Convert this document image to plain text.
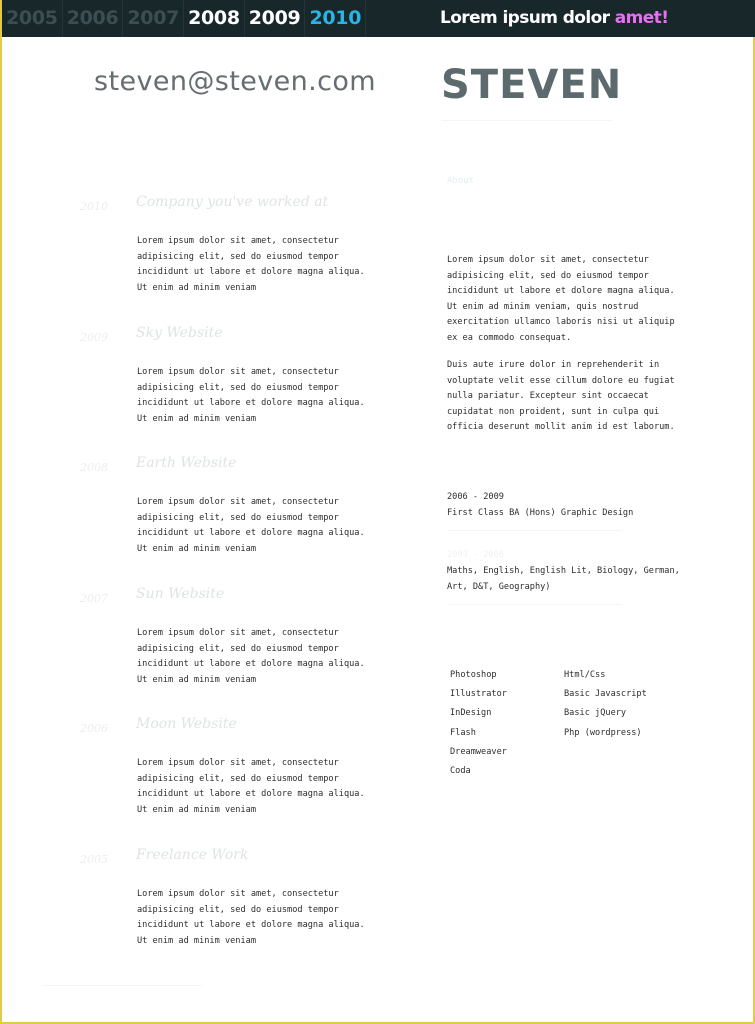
2005 2006 2007 2008 2009 2010	Lorem ipsum dolor amet!
steven@steven.com STEVEN
2010 Company you've worked at

Lorem ipsum dolor sit amet, consectetur adipisicing elit, sed do eiusmod tempor incididunt ut labore et dolore magna aliqua. Ut enim ad minim veniam

2009 Sky Website

Lorem ipsum dolor sit amet, consectetur adipisicing elit, sed do eiusmod tempor incididunt ut labore et dolore magna aliqua. Ut enim ad minim veniam

2008 Earth Website

Lorem ipsum dolor sit amet, consectetur adipisicing elit, sed do eiusmod tempor incididunt ut labore et dolore magna aliqua. Ut enim ad minim veniam

2007 Sun Website

Lorem ipsum dolor sit amet, consectetur adipisicing elit, sed do eiusmod tempor incididunt ut labore et dolore magna aliqua. Ut enim ad minim veniam

2006 Moon Website

Lorem ipsum dolor sit amet, consectetur adipisicing elit, sed do eiusmod tempor incididunt ut labore et dolore magna aliqua. Ut enim ad minim veniam

2005 Freelance Work

Lorem ipsum dolor sit amet, consectetur adipisicing elit, sed do eiusmod tempor incididunt ut labore et dolore magna aliqua. Ut enim ad minim veniam

About

Lorem ipsum dolor sit amet, consectetur adipisicing elit, sed do eiusmod tempor incididunt ut labore et dolore magna aliqua. Ut enim ad minim veniam, quis nostrud exercitation ullamco laboris nisi ut aliquip ex ea commodo consequat.

Duis aute irure dolor in reprehenderit in voluptate velit esse cillum dolore eu fugiat nulla pariatur. Excepteur sint occaecat cupidatat non proident, sunt in culpa qui officia deserunt mollit anim id est laborum.

2006 - 2009
First Class BA (Hons) Graphic Design
2003 - 2006
Maths, English, English Lit, Biology, German,
Art, D&T, Geography)
Photoshop
Illustrator
InDesign
Flash
Dreamweaver
Coda
Html/Css
Basic Javascript
Basic jQuery
Php (wordpress)
